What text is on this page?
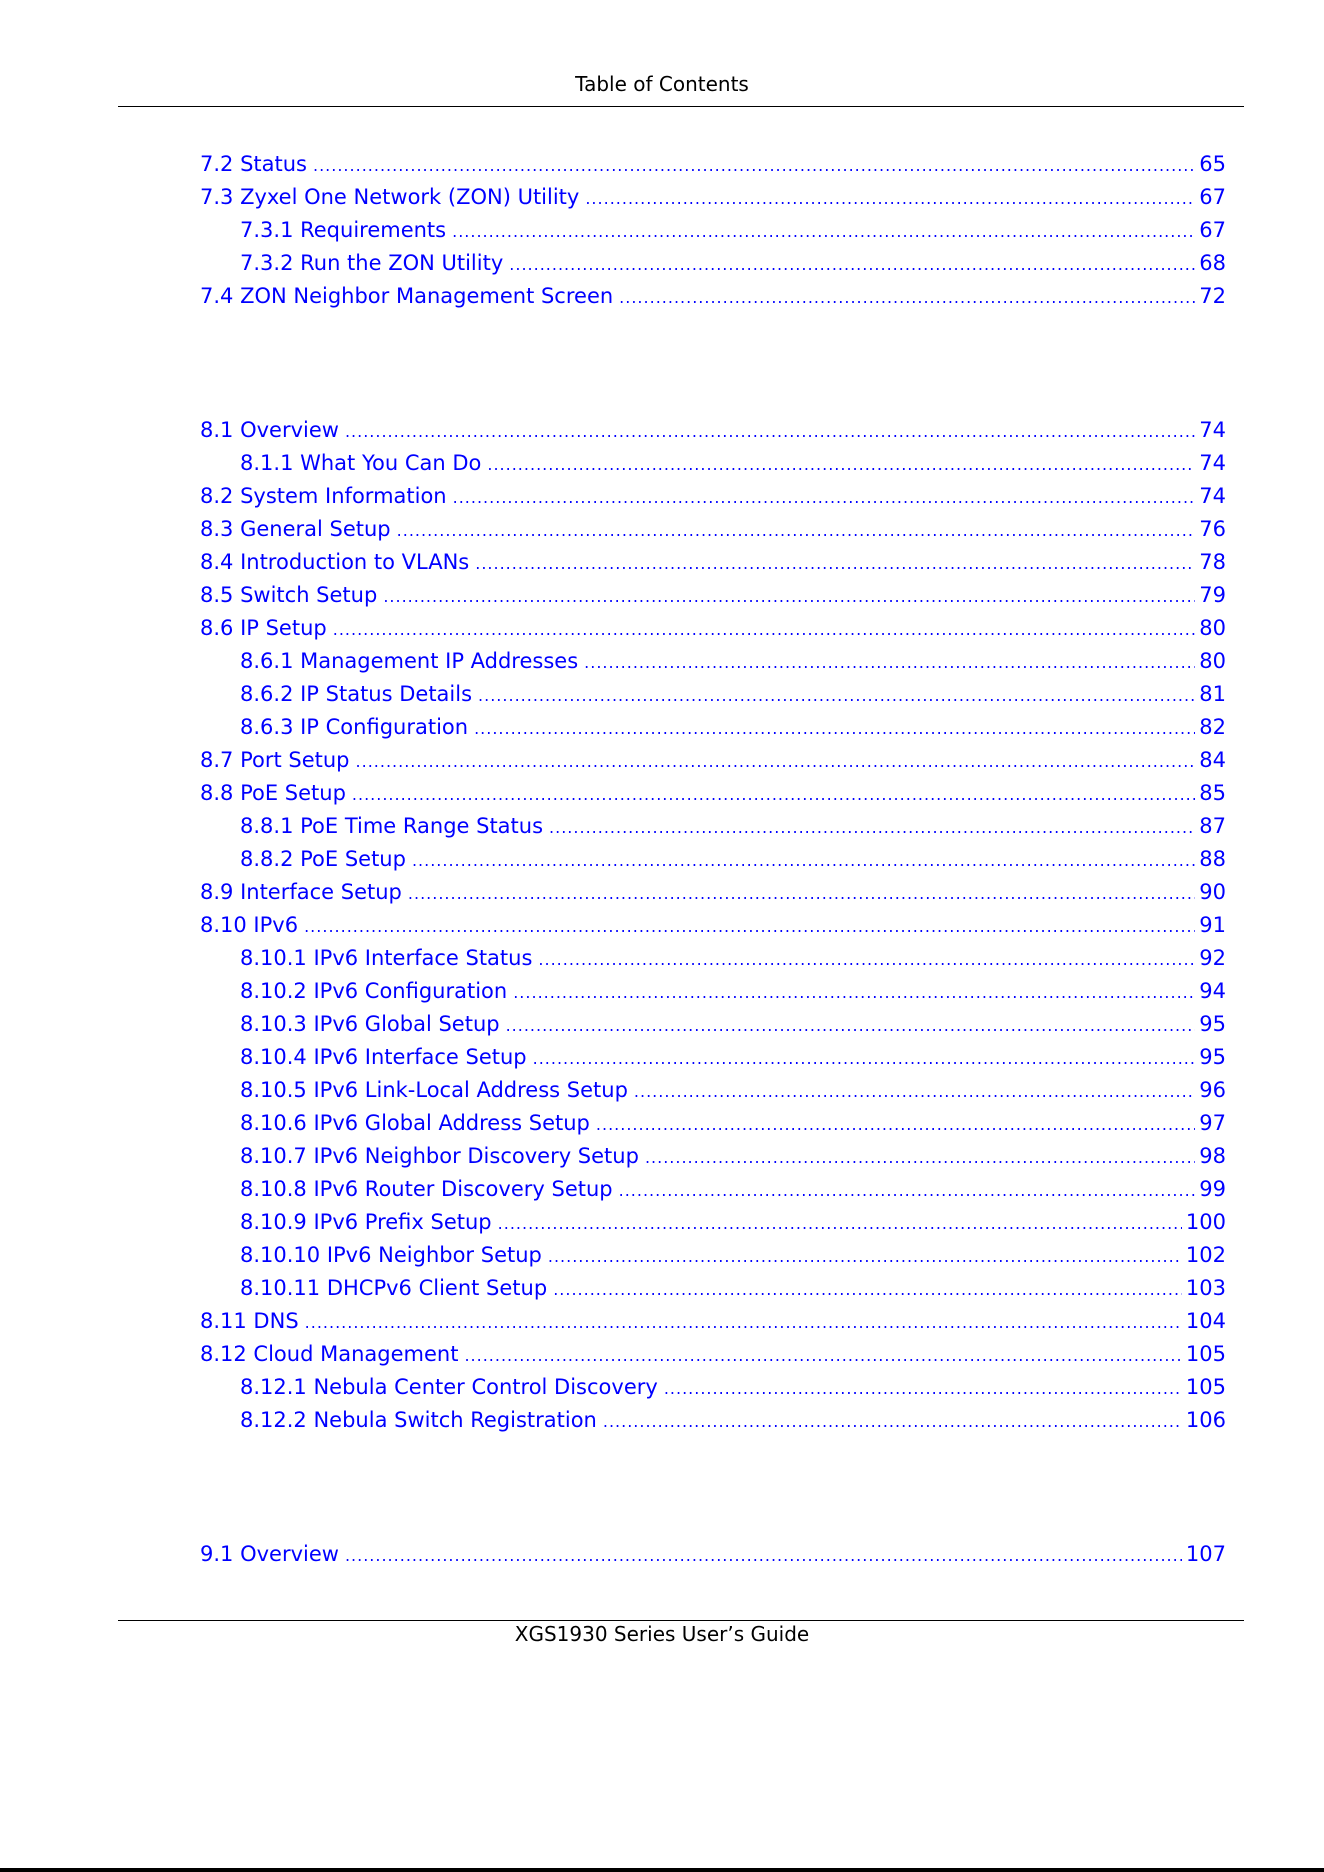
Table of Contents
7.2 Status .....	65
7.3 Zyxel One Network (ZON) Utility .....	67
7.3.1 Requirements .....	67
7.3.2 Run the ZON Utility .....	68
7.4 ZON Neighbor Management Screen .....	72
8.1 Overview .....	74
8.1.1 What You Can Do .....	74
8.2 System Information .....	74
8.3 General Setup .....	76
8.4 Introduction to VLANs .....	78
8.5 Switch Setup .....	79
8.6 IP Setup .....	80
8.6.1 Management IP Addresses .....	80
8.6.2 IP Status Details .....	81
8.6.3 IP Configuration .....	82
8.7 Port Setup .....	84
8.8 PoE Setup .....	85
8.8.1 PoE Time Range Status .....	87
8.8.2 PoE Setup .....	88
8.9 Interface Setup .....	90
8.10 IPv6 .....	91
8.10.1 IPv6 Interface Status .....	92
8.10.2 IPv6 Configuration .....	94
8.10.3 IPv6 Global Setup .....	95
8.10.4 IPv6 Interface Setup .....	95
8.10.5 IPv6 Link-Local Address Setup .....	96
8.10.6 IPv6 Global Address Setup .....	97
8.10.7 IPv6 Neighbor Discovery Setup .....	98
8.10.8 IPv6 Router Discovery Setup .....	99
8.10.9 IPv6 Prefix Setup .....	100
8.10.10 IPv6 Neighbor Setup .....	102
8.10.11 DHCPv6 Client Setup .....	103
8.11 DNS .....	104
8.12 Cloud Management .....	105
8.12.1 Nebula Center Control Discovery .....	105
8.12.2 Nebula Switch Registration .....	106
9.1 Overview .....	107
XGS1930 Series User’s Guide
